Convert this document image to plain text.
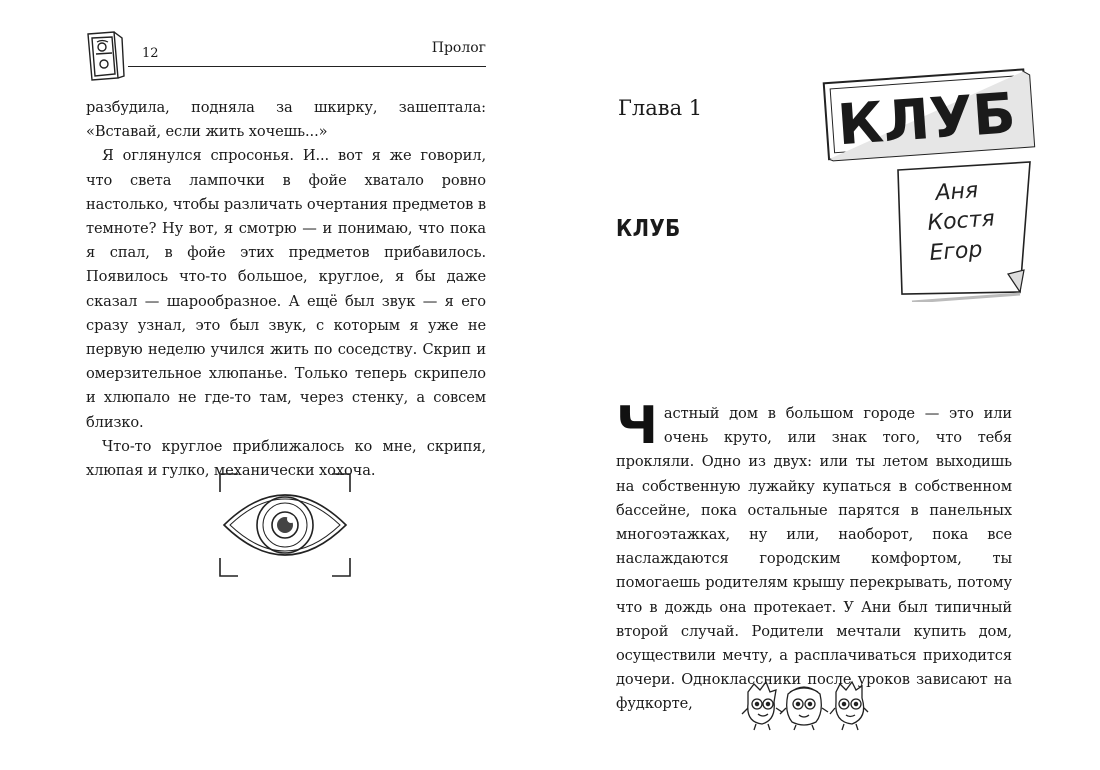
12	Пролог

разбудила, подняла за шкирку, зашептала: «Вставай, если жить хочешь...»

Я оглянулся спросонья. И... вот я же говорил, что света лампочки в фойе хватало ровно настолько, чтобы различать очертания предметов в темноте? Ну вот, я смотрю — и понимаю, что пока я спал, в фойе этих предметов прибавилось. Появилось что-то большое, круглое, я бы даже сказал — шарообразное. А ещё был звук — я его сразу узнал, это был звук, с которым я уже не первую неделю учился жить по соседству. Скрип и омерзительное хлюпанье. Только теперь скрипело и хлюпало не где-то там, через стенку, а совсем близко.

Что-то круглое приближалось ко мне, скрипя, хлюпая и гулко, механически хохоча.

Глава 1
КЛУБ
Аня
Костя
Егор
КЛУБ
Ч астный дом в большом городе — это или очень круто, или знак того, что тебя прокляли. Одно из двух: или ты летом выходишь на собственную лужайку купаться в собственном бассейне, пока остальные парятся в панельных многоэтажках, ну или, наоборот, пока все наслаждаются городским комфортом, ты помогаешь родителям крышу перекрывать, потому что в дождь она протекает. У Ани был типичный второй случай. Родители мечтали купить дом, осуществили мечту, а расплачиваться приходится дочери. Одноклассники после уроков зависают на фудкорте,
